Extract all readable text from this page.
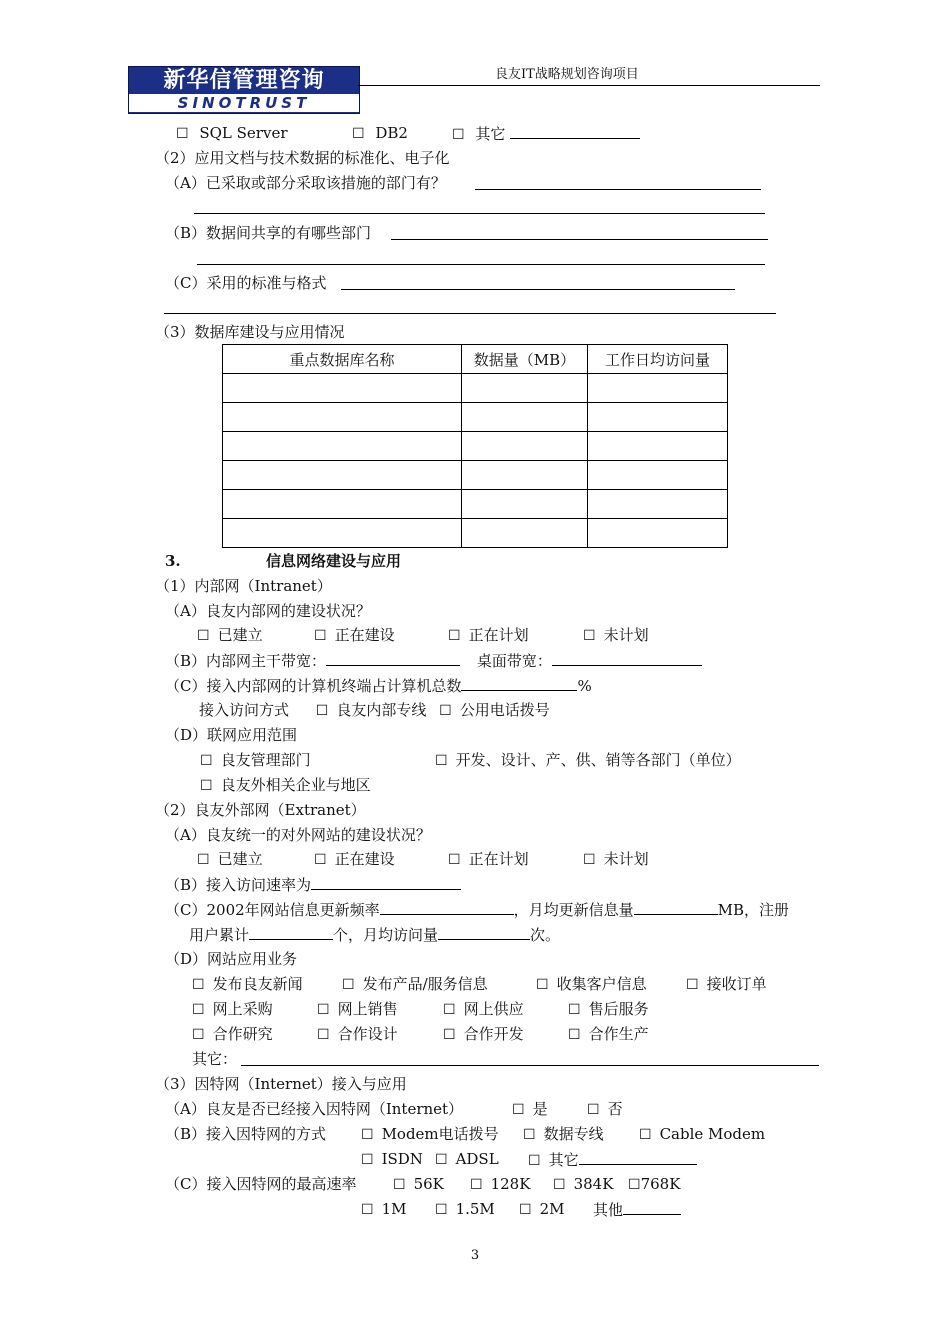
新华信管理咨询
SINOTRUST
良友IT战略规划咨询项目
☐ SQL Server	☐ DB2	☐ 其它
（2）应用文档与技术数据的标准化、电子化
（A）已采取或部分采取该措施的部门有？
（B）数据间共享的有哪些部门
（C）采用的标准与格式
（3）数据库建设与应用情况
重点数据库名称	数据量（MB）	工作日均访问量

3.	信息网络建设与应用
（1）内部网（Intranet）
（A）良友内部网的建设状况？
☐ 已建立	☐ 正在建设	☐ 正在计划	☐ 未计划
（B）内部网主干带宽：	桌面带宽：
（C）接入内部网的计算机终端占计算机总数	%
接入访问方式 ☐ 良友内部专线 ☐ 公用电话拨号
（D）联网应用范围
☐ 良友管理部门	☐ 开发、设计、产、供、销等各部门（单位）
☐ 良友外相关企业与地区
（2）良友外部网（Extranet）
（A）良友统一的对外网站的建设状况？
☐ 已建立	☐ 正在建设	☐ 正在计划	☐ 未计划
（B）接入访问速率为
（C）2002年网站信息更新频率	，月均更新信息量	MB，注册
用户累计	个，月均访问量	次。
（D）网站应用业务
☐ 发布良友新闻	☐ 发布产品/服务信息	☐ 收集客户信息	☐ 接收订单
☐ 网上采购	☐ 网上销售	☐ 网上供应	☐ 售后服务
☐ 合作研究	☐ 合作设计	☐ 合作开发	☐ 合作生产
其它：
（3）因特网（Internet）接入与应用
（A）良友是否已经接入因特网（Internet）	☐ 是	☐ 否
（B）接入因特网的方式 ☐ Modem电话拨号 ☐ 数据专线	☐ Cable Modem
☐ ISDN ☐ ADSL ☐ 其它
（C）接入因特网的最高速率	☐ 56K ☐ 128K ☐ 384K ☐768K
☐ 1M ☐ 1.5M ☐ 2M 其他
3
